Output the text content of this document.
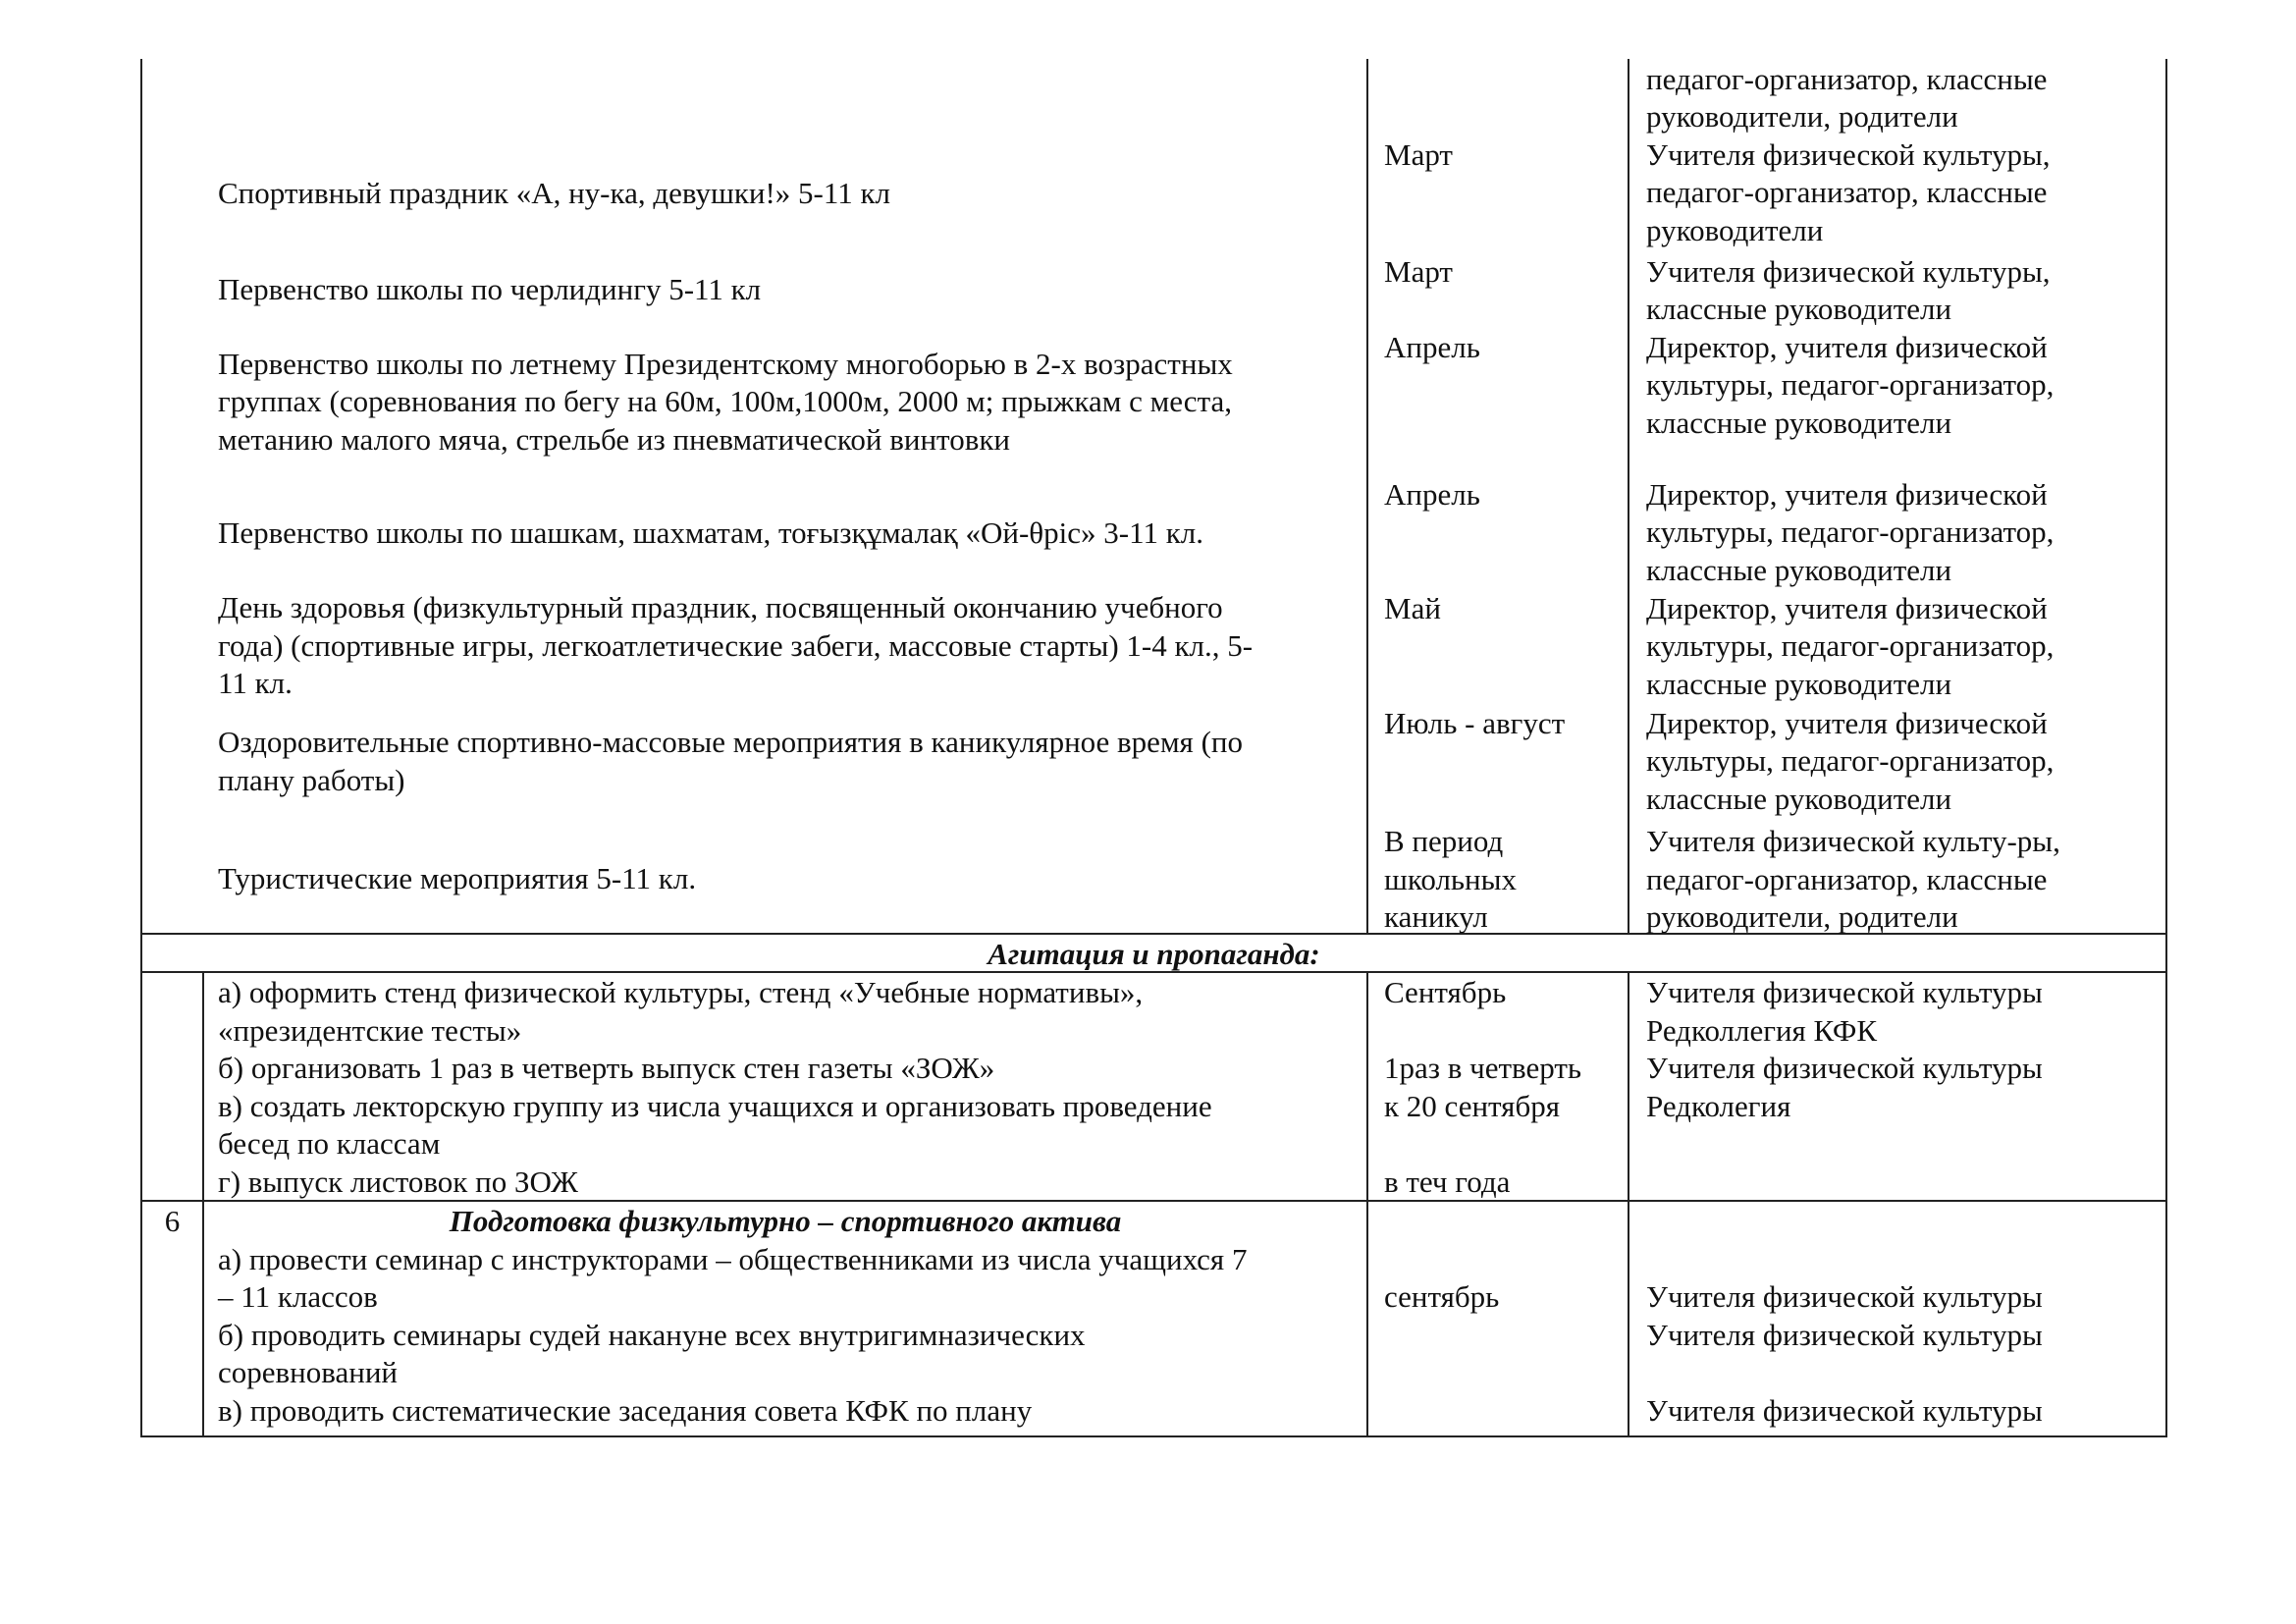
Спортивный праздник «А, ну-ка, девушки!» 5-11 кл
Первенство школы по черлидингу 5-11 кл
Первенство школы по летнему Президентскому многоборью в 2-х возрастных
группах (соревнования по бегу на 60м, 100м,1000м, 2000 м; прыжкам с места,
метанию малого мяча, стрельбе из пневматической винтовки
Первенство школы по шашкам, шахматам, тоғызқұмалақ «Ой-θріс» 3-11 кл.
День здоровья (физкультурный праздник, посвященный окончанию учебного
года) (спортивные игры, легкоатлетические забеги, массовые старты) 1-4 кл., 5-
11 кл.
Оздоровительные спортивно-массовые мероприятия в каникулярное время (по
плану работы)
Туристические мероприятия 5-11 кл.
Март
Март
Апрель
Апрель
Май
Июль - август
В период
школьных
каникул
педагог-организатор, классные
руководители, родители
Учителя физической культуры,
педагог-организатор, классные
руководители
Учителя физической культуры,
классные руководители
Директор, учителя физической
культуры, педагог-организатор,
классные руководители
Директор, учителя физической
культуры, педагог-организатор,
классные руководители
Директор, учителя физической
культуры, педагог-организатор,
классные руководители
Директор, учителя физической
культуры, педагог-организатор,
классные руководители
Учителя физической культу-ры,
педагог-организатор, классные
руководители, родители
Агитация и пропаганда:
а) оформить стенд физической культуры, стенд «Учебные нормативы»,
«президентские тесты»
б) организовать 1 раз в четверть выпуск стен газеты «ЗОЖ»
в) создать лекторскую группу из числа учащихся и организовать проведение
бесед по классам
г) выпуск листовок по ЗОЖ
Сентябрь
1раз в четверть
к 20 сентября
в теч года
Учителя физической культуры
Редколлегия КФК
Учителя физической культуры
Редколегия
6	Подготовка физкультурно – спортивного актива
а) провести семинар с инструкторами – общественниками из числа учащихся 7
– 11 классов
б) проводить семинары судей накануне всех внутригимназических
соревнований
в) проводить систематические заседания совета КФК по плану
сентябрь	Учителя физической культуры
Учителя физической культуры
Учителя физической культуры
